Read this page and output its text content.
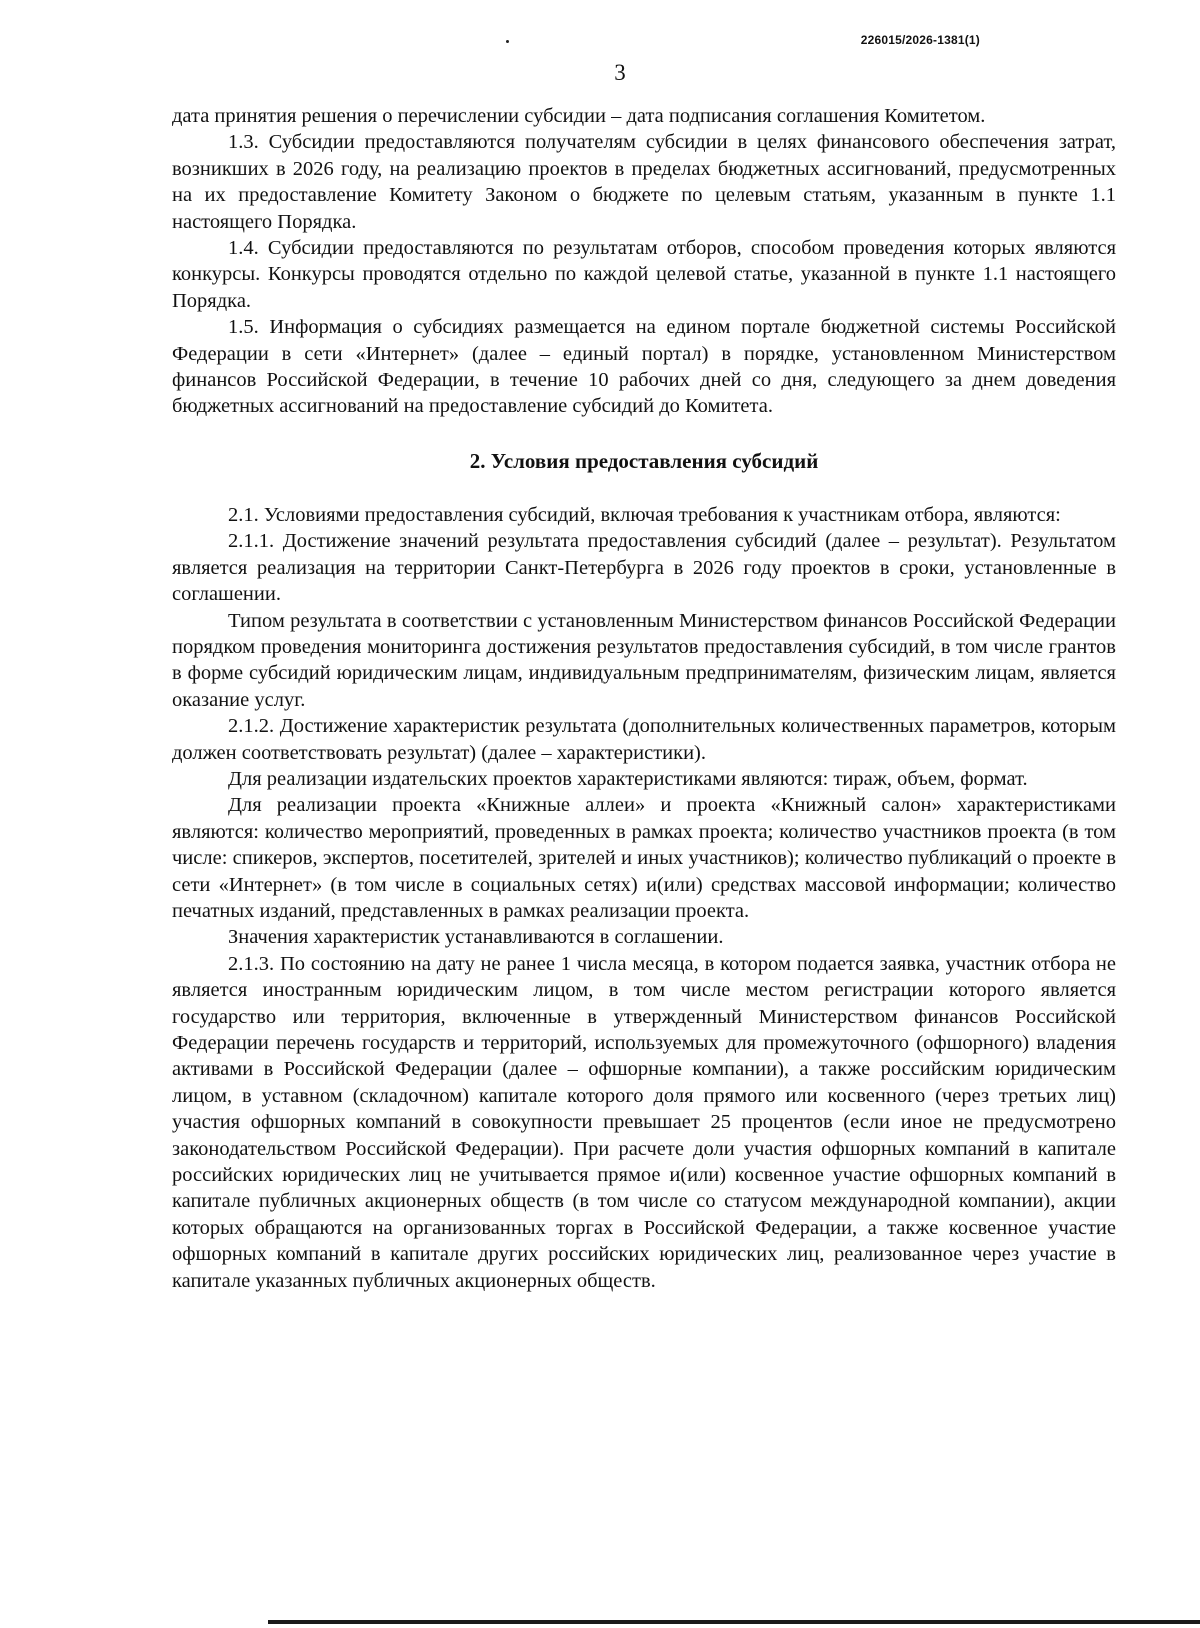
226015/2026-1381(1)
3

дата принятия решения о перечислении субсидии – дата подписания соглашения Комитетом.

1.3. Субсидии предоставляются получателям субсидии в целях финансового обеспечения затрат, возникших в 2026 году, на реализацию проектов в пределах бюджетных ассигнований, предусмотренных на их предоставление Комитету Законом о бюджете по целевым статьям, указанным в пункте 1.1 настоящего Порядка.

1.4. Субсидии предоставляются по результатам отборов, способом проведения которых являются конкурсы. Конкурсы проводятся отдельно по каждой целевой статье, указанной в пункте 1.1 настоящего Порядка.

1.5. Информация о субсидиях размещается на едином портале бюджетной системы Российской Федерации в сети «Интернет» (далее – единый портал) в порядке, установленном Министерством финансов Российской Федерации, в течение 10 рабочих дней со дня, следующего за днем доведения бюджетных ассигнований на предоставление субсидий до Комитета.

2. Условия предоставления субсидий

2.1. Условиями предоставления субсидий, включая требования к участникам отбора, являются:

2.1.1. Достижение значений результата предоставления субсидий (далее – результат). Результатом является реализация на территории Санкт-Петербурга в 2026 году проектов в сроки, установленные в соглашении.

Типом результата в соответствии с установленным Министерством финансов Российской Федерации порядком проведения мониторинга достижения результатов предоставления субсидий, в том числе грантов в форме субсидий юридическим лицам, индивидуальным предпринимателям, физическим лицам, является оказание услуг.

2.1.2. Достижение характеристик результата (дополнительных количественных параметров, которым должен соответствовать результат) (далее – характеристики).

Для реализации издательских проектов характеристиками являются: тираж, объем, формат.

Для реализации проекта «Книжные аллеи» и проекта «Книжный салон» характеристиками являются: количество мероприятий, проведенных в рамках проекта; количество участников проекта (в том числе: спикеров, экспертов, посетителей, зрителей и иных участников); количество публикаций о проекте в сети «Интернет» (в том числе в социальных сетях) и(или) средствах массовой информации; количество печатных изданий, представленных в рамках реализации проекта.

Значения характеристик устанавливаются в соглашении.

2.1.3. По состоянию на дату не ранее 1 числа месяца, в котором подается заявка, участник отбора не является иностранным юридическим лицом, в том числе местом регистрации которого является государство или территория, включенные в утвержденный Министерством финансов Российской Федерации перечень государств и территорий, используемых для промежуточного (офшорного) владения активами в Российской Федерации (далее – офшорные компании), а также российским юридическим лицом, в уставном (складочном) капитале которого доля прямого или косвенного (через третьих лиц) участия офшорных компаний в совокупности превышает 25 процентов (если иное не предусмотрено законодательством Российской Федерации). При расчете доли участия офшорных компаний в капитале российских юридических лиц не учитывается прямое и(или) косвенное участие офшорных компаний в капитале публичных акционерных обществ (в том числе со статусом международной компании), акции которых обращаются на организованных торгах в Российской Федерации, а также косвенное участие офшорных компаний в капитале других российских юридических лиц, реализованное через участие в капитале указанных публичных акционерных обществ.
